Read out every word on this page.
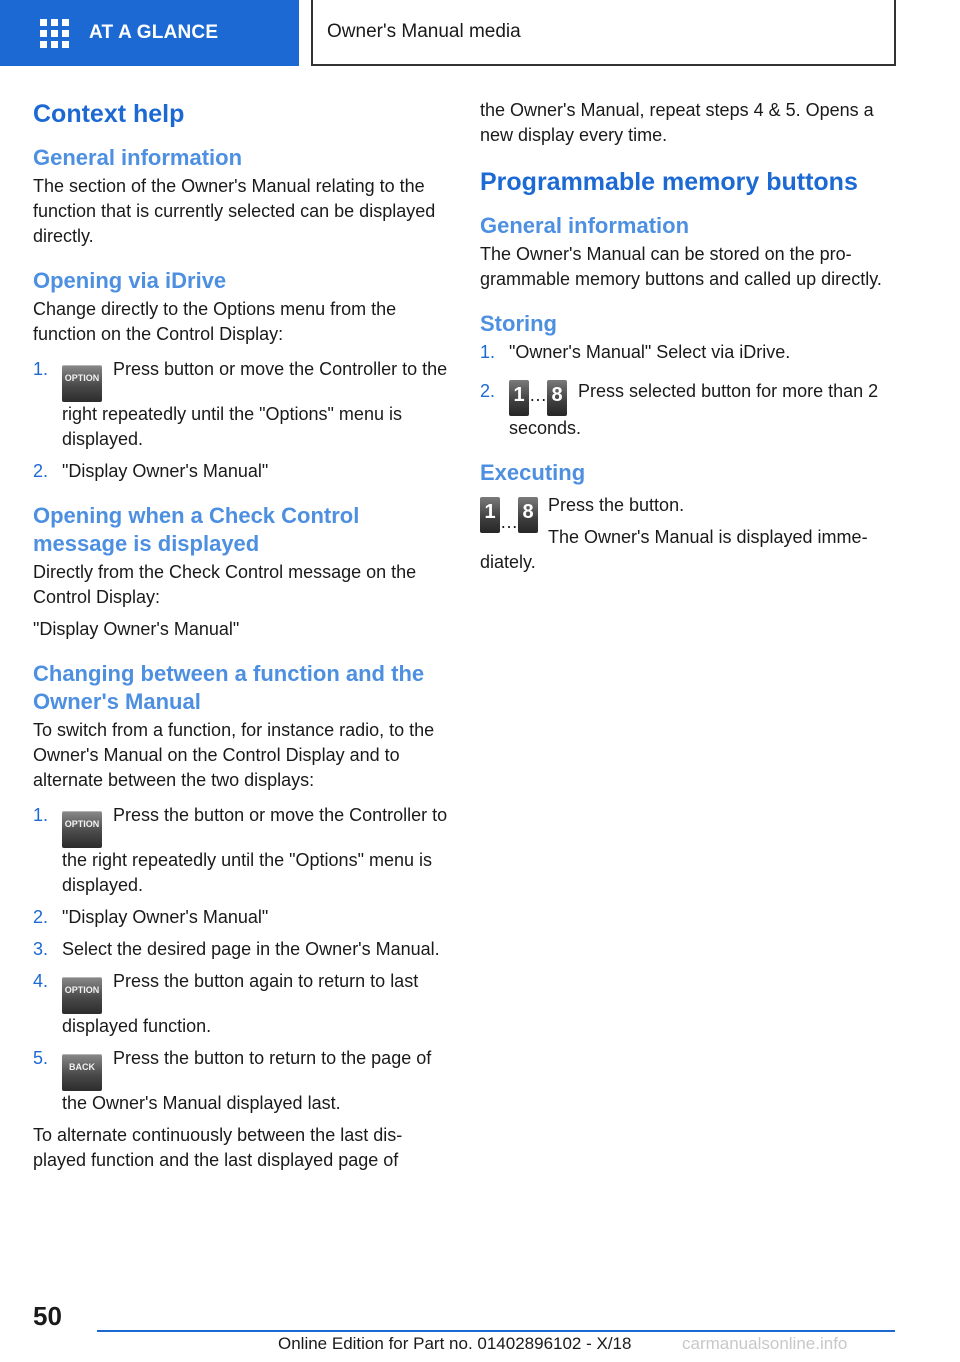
AT A GLANCE	Owner's Manual media
Context help
General information

The section of the Owner's Manual relating to the function that is currently selected can be displayed directly.

Opening via iDrive

Change directly to the Options menu from the function on the Control Display:

1. OPTION Press button or move the Controller to the right repeatedly until the "Options" menu is displayed.
2. "Display Owner's Manual"
Opening when a Check Control message is displayed

Directly from the Check Control message on the Control Display:

"Display Owner's Manual"

Changing between a function and the Owner's Manual

To switch from a function, for instance radio, to the Owner's Manual on the Control Display and to alternate between the two displays:

1. OPTION Press the button or move the Controller to the right repeatedly until the "Options" menu is displayed.
2. "Display Owner's Manual"
3. Select the desired page in the Owner's Manual.
4. OPTION Press the button again to return to last displayed function.
5. BACK Press the button to return to the page of the Owner's Manual displayed last.

To alternate continuously between the last displayed function and the last displayed page of

the Owner's Manual, repeat steps 4 & 5. Opens a new display every time.

Programmable memory buttons
General information

The Owner's Manual can be stored on the programmable memory buttons and called up directly.

Storing
1. "Owner's Manual" Select via iDrive.
2. 1 … 8 Press selected button for more than 2 seconds.
Executing
1 … 8 Press the button.
The Owner's Manual is displayed immediately.
50
Online Edition for Part no. 01402896102 - X/18	carmanualsonline.info
